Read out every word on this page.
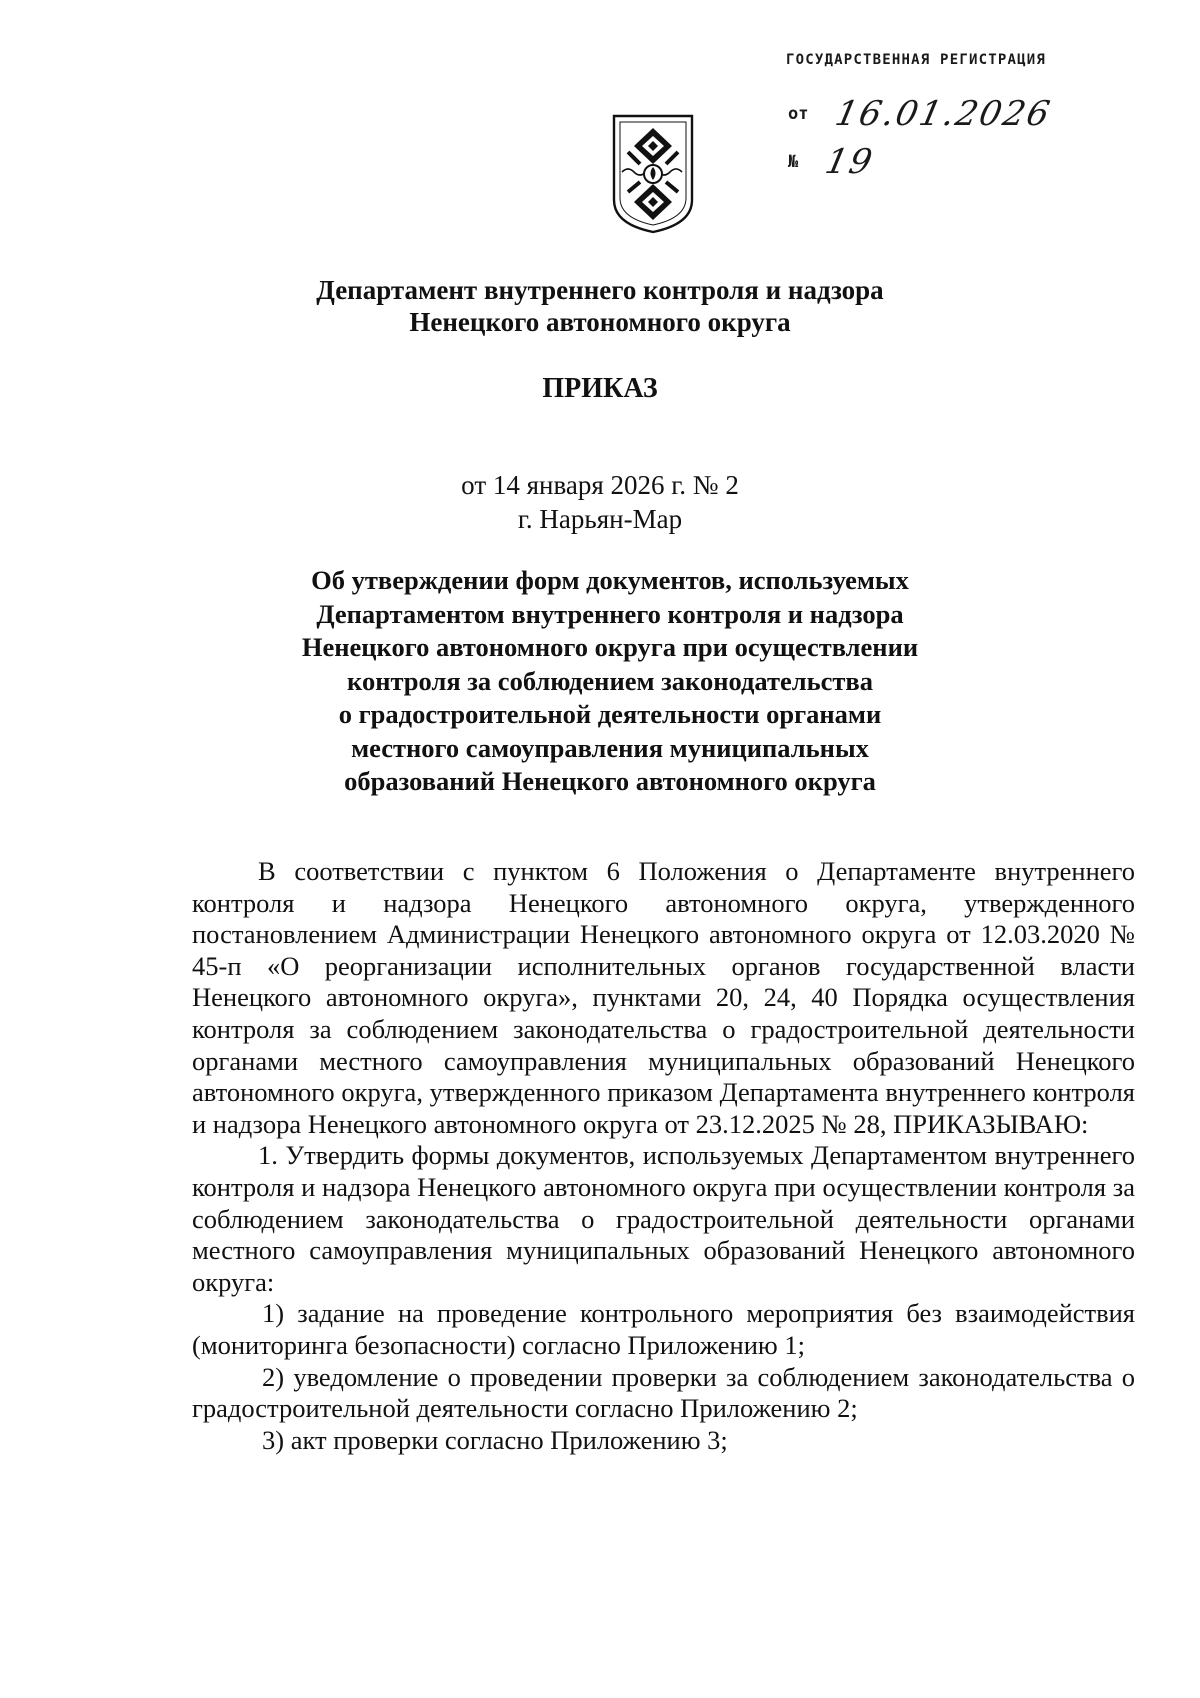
ГОСУДАРСТВЕННАЯ РЕГИСТРАЦИЯ
от 16.01.2026
№ 19
Департамент внутреннего контроля и надзора
Ненецкого автономного округа
ПРИКАЗ
от 14 января 2026 г. № 2
г. Нарьян-Мар
Об утверждении форм документов, используемых
Департаментом внутреннего контроля и надзора
Ненецкого автономного округа при осуществлении
контроля за соблюдением законодательства
о градостроительной деятельности органами
местного самоуправления муниципальных
образований Ненецкого автономного округа

В соответствии с пунктом 6 Положения о Департаменте внутреннего контроля и надзора Ненецкого автономного округа, утвержденного постановлением Администрации Ненецкого автономного округа от 12.03.2020 № 45-п «О реорганизации исполнительных органов государственной власти Ненецкого автономного округа», пунктами 20, 24, 40 Порядка осуществления контроля за соблюдением законодательства о градостроительной деятельности органами местного самоуправления муниципальных образований Ненецкого автономного округа, утвержденного приказом Департамента внутреннего контроля и надзора Ненецкого автономного округа от 23.12.2025 № 28, ПРИКАЗЫВАЮ:

1. Утвердить формы документов, используемых Департаментом внутреннего контроля и надзора Ненецкого автономного округа при осуществлении контроля за соблюдением законодательства о градостроительной деятельности органами местного самоуправления муниципальных образований Ненецкого автономного округа:

1) задание на проведение контрольного мероприятия без взаимодействия (мониторинга безопасности) согласно Приложению 1;

2) уведомление о проведении проверки за соблюдением законодательства о градостроительной деятельности согласно Приложению 2;

3) акт проверки согласно Приложению 3;
